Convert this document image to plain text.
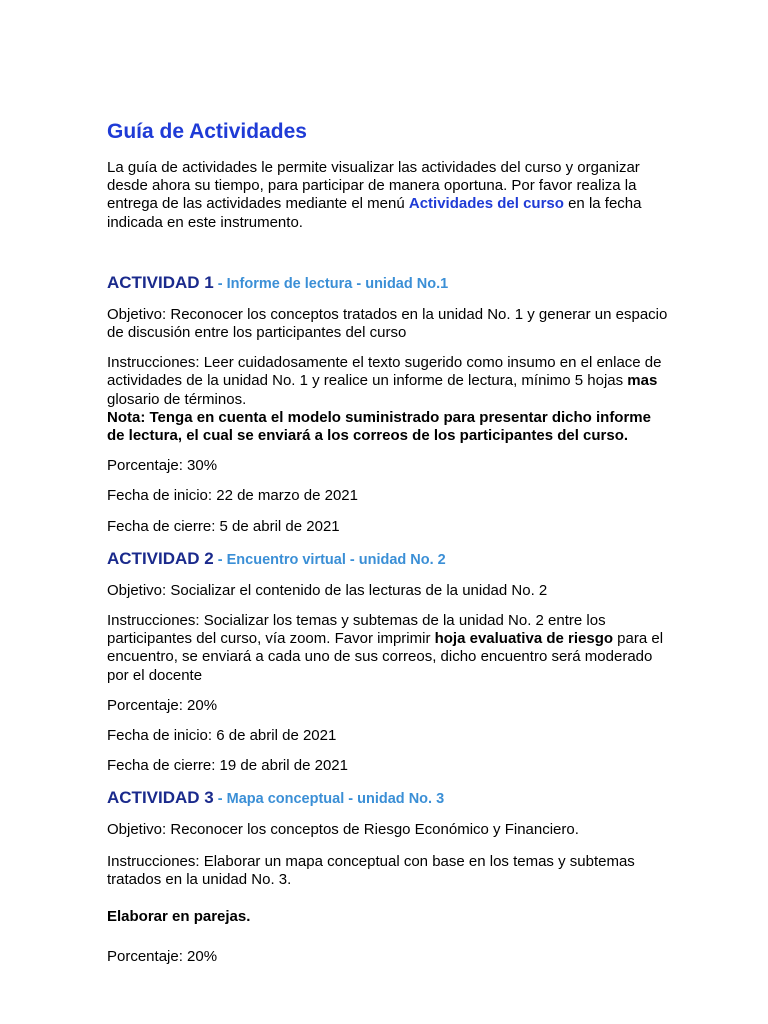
Guía de Actividades

La guía de actividades le permite visualizar las actividades del curso y organizar desde ahora su tiempo, para participar de manera oportuna. Por favor realiza la entrega de las actividades mediante el menú Actividades del curso en la fecha indicada en este instrumento.

ACTIVIDAD 1 - Informe de lectura - unidad No.1

Objetivo: Reconocer los conceptos tratados en la unidad No. 1 y generar un espacio de discusión entre los participantes del curso

Instrucciones: Leer cuidadosamente el texto sugerido como insumo en el enlace de actividades de la unidad No. 1 y realice un informe de lectura, mínimo 5 hojas mas glosario de términos.

Nota: Tenga en cuenta el modelo suministrado para presentar dicho informe de lectura, el cual se enviará a los correos de los participantes del curso.

Porcentaje: 30%

Fecha de inicio: 22 de marzo de 2021

Fecha de cierre: 5 de abril de 2021

ACTIVIDAD 2 - Encuentro virtual - unidad No. 2

Objetivo: Socializar el contenido de las lecturas de la unidad No. 2

Instrucciones: Socializar los temas y subtemas de la unidad No. 2 entre los participantes del curso, vía zoom. Favor imprimir hoja evaluativa de riesgo para el encuentro, se enviará a cada uno de sus correos, dicho encuentro será moderado por el docente

Porcentaje: 20%

Fecha de inicio: 6 de abril de 2021

Fecha de cierre: 19 de abril de 2021

ACTIVIDAD 3 - Mapa conceptual - unidad No. 3

Objetivo: Reconocer los conceptos de Riesgo Económico y Financiero.

Instrucciones: Elaborar un mapa conceptual con base en los temas y subtemas tratados en la unidad No. 3.

Elaborar en parejas.

Porcentaje: 20%
